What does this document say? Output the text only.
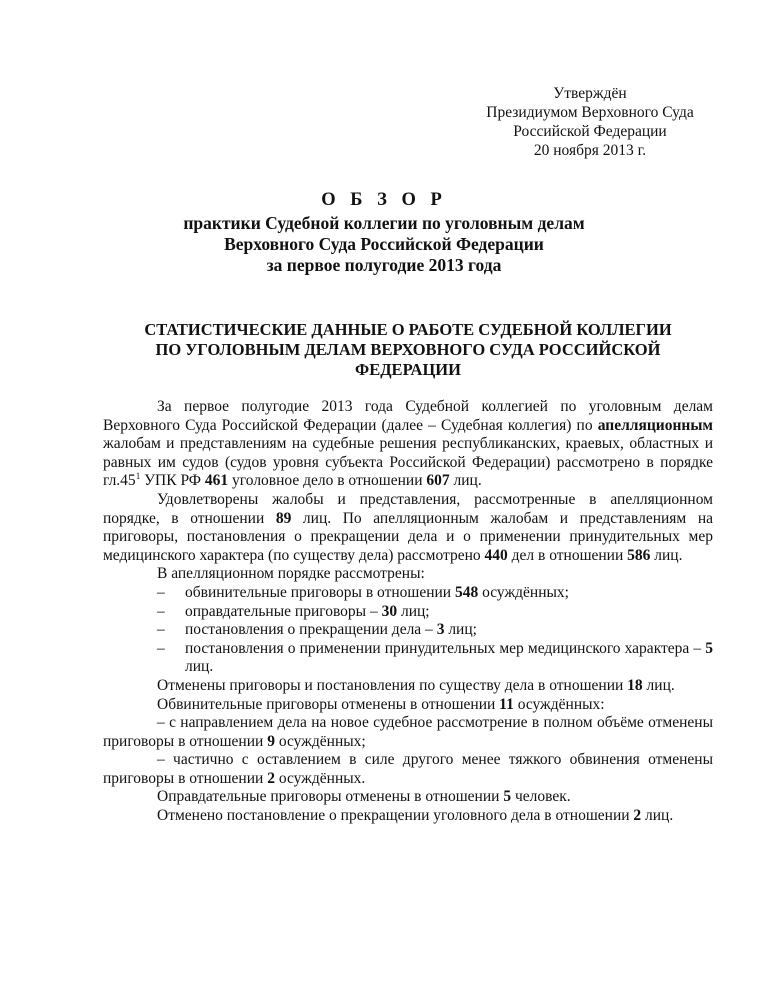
Утверждён
Президиумом Верховного Суда
Российской Федерации
20 ноября 2013 г.
О Б З О Р
практики Судебной коллегии по уголовным делам
Верховного Суда Российской Федерации
за первое полугодие 2013 года
СТАТИСТИЧЕСКИЕ ДАННЫЕ О РАБОТЕ СУДЕБНОЙ КОЛЛЕГИИ
ПО УГОЛОВНЫМ ДЕЛАМ ВЕРХОВНОГО СУДА РОССИЙСКОЙ
ФЕДЕРАЦИИ

За первое полугодие 2013 года Судебной коллегией по уголовным делам Верховного Суда Российской Федерации (далее – Судебная коллегия) по апелляционным жалобам и представлениям на судебные решения республиканских, краевых, областных и равных им судов (судов уровня субъекта Российской Федерации) рассмотрено в порядке $гл.45^1$ УПК РФ 461 уголовное дело в отношении 607 лиц.

Удовлетворены жалобы и представления, рассмотренные в апелляционном порядке, в отношении 89 лиц. По апелляционным жалобам и представлениям на приговоры, постановления о прекращении дела и о применении принудительных мер медицинского характера (по существу дела) рассмотрено 440 дел в отношении 586 лиц.

В апелляционном порядке рассмотрены:

– обвинительные приговоры в отношении 548 осуждённых;

– оправдательные приговоры – 30 лиц;

– постановления о прекращении дела – 3 лиц;

– постановления о применении принудительных мер медицинского характера – 5 лиц.

Отменены приговоры и постановления по существу дела в отношении 18 лиц.

Обвинительные приговоры отменены в отношении 11 осуждённых:

– с направлением дела на новое судебное рассмотрение в полном объёме отменены приговоры в отношении 9 осуждённых;

– частично с оставлением в силе другого менее тяжкого обвинения отменены приговоры в отношении 2 осуждённых.

Оправдательные приговоры отменены в отношении 5 человек.

Отменено постановление о прекращении уголовного дела в отношении 2 лиц.
